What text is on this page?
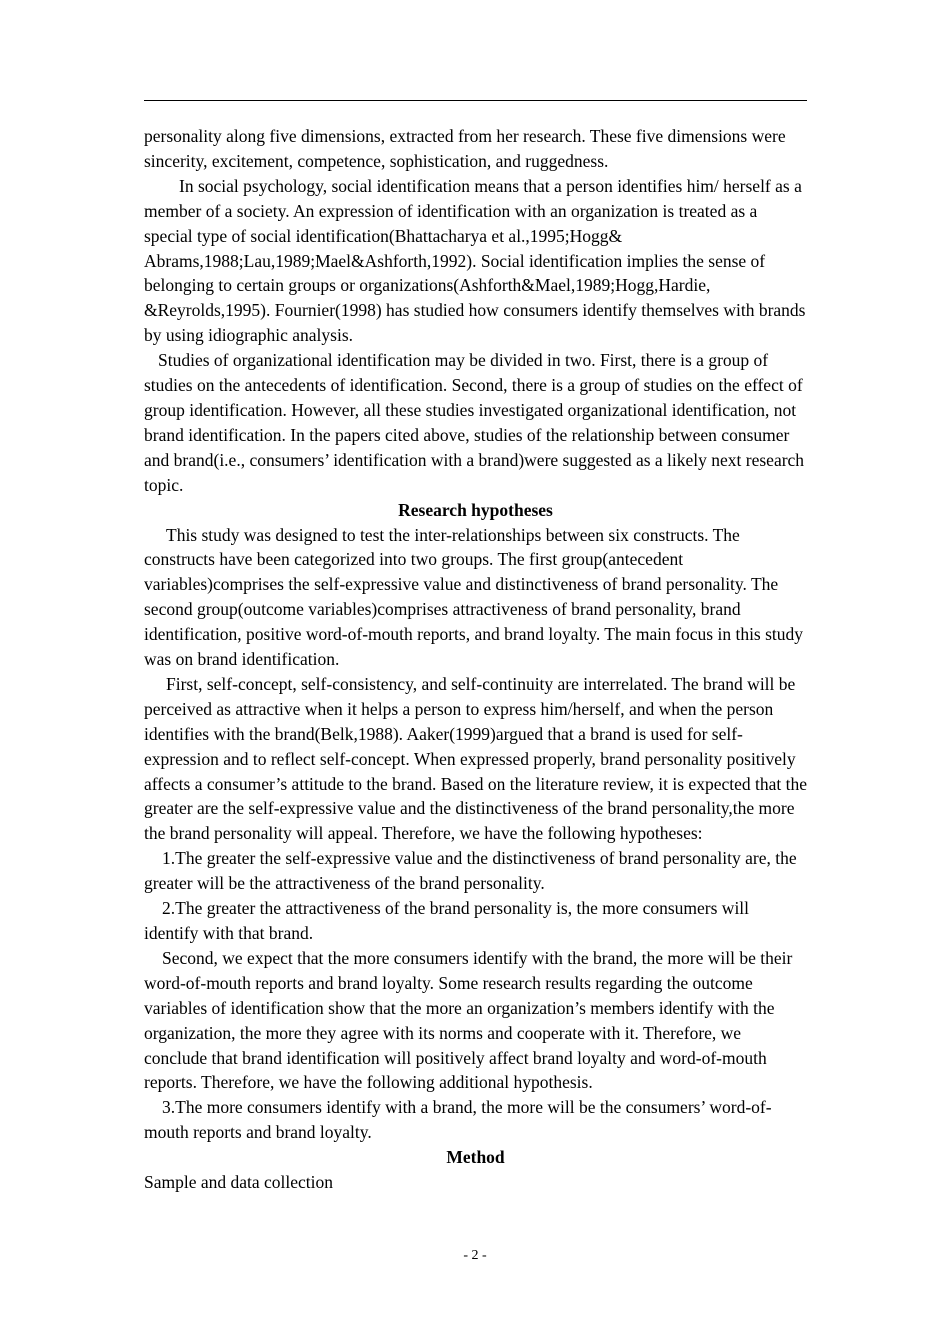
personality along five dimensions, extracted from her research. These five dimensions were sincerity, excitement, competence, sophistication, and ruggedness.

In social psychology, social identification means that a person identifies him/ herself as a member of a society. An expression of identification with an organization is treated as a special type of social identification(Bhattacharya et al.,1995;Hogg& Abrams,1988;Lau,1989;Mael&Ashforth,1992). Social identification implies the sense of belonging to certain groups or organizations(Ashforth&Mael,1989;Hogg,Hardie, &Reyrolds,1995). Fournier(1998) has studied how consumers identify themselves with brands by using idiographic analysis.

Studies of organizational identification may be divided in two. First, there is a group of studies on the antecedents of identification. Second, there is a group of studies on the effect of group identification. However, all these studies investigated organizational identification, not brand identification. In the papers cited above, studies of the relationship between consumer and brand(i.e., consumers’ identification with a brand)were suggested as a likely next research topic.

Research hypotheses

This study was designed to test the inter-relationships between six constructs. The constructs have been categorized into two groups. The first group(antecedent variables)comprises the self-expressive value and distinctiveness of brand personality. The second group(outcome variables)comprises attractiveness of brand personality, brand identification, positive word-of-mouth reports, and brand loyalty. The main focus in this study was on brand identification.

First, self-concept, self-consistency, and self-continuity are interrelated. The brand will be perceived as attractive when it helps a person to express him/herself, and when the person identifies with the brand(Belk,1988). Aaker(1999)argued that a brand is used for self-expression and to reflect self-concept. When expressed properly, brand personality positively affects a consumer’s attitude to the brand. Based on the literature review, it is expected that the greater are the self-expressive value and the distinctiveness of the brand personality,the more the brand personality will appeal. Therefore, we have the following hypotheses:

1.The greater the self-expressive value and the distinctiveness of brand personality are, the greater will be the attractiveness of the brand personality.

2.The greater the attractiveness of the brand personality is, the more consumers will identify with that brand.

Second, we expect that the more consumers identify with the brand, the more will be their word-of-mouth reports and brand loyalty. Some research results regarding the outcome variables of identification show that the more an organization’s members identify with the organization, the more they agree with its norms and cooperate with it. Therefore, we conclude that brand identification will positively affect brand loyalty and word-of-mouth reports. Therefore, we have the following additional hypothesis.

3.The more consumers identify with a brand, the more will be the consumers’ word-of-mouth reports and brand loyalty.

Method

Sample and data collection

- 2 -
